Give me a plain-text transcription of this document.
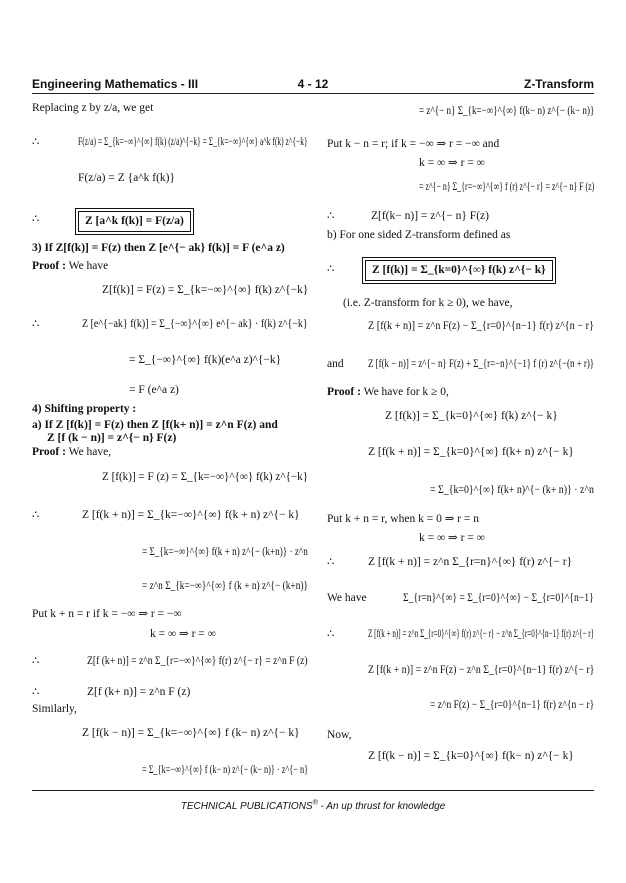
Engineering Mathematics - III	4 - 12	Z-Transform
Replacing z by z/a, we get
∴	F(z/a) = Σ_{k=−∞}^{∞} f(k) (z/a)^{−k} = Σ_{k=−∞}^{∞} a^k f(k) z^{−k}
F(z/a) = Z {a^k f(k)}
∴	Z [a^k f(k)] = F(z/a)
3) If Z[f(k)] = F(z) then Z [e^{− ak} f(k)] = F (e^a z)
Proof : We have
Z[f(k)] = F(z) = Σ_{k=−∞}^{∞} f(k) z^{−k}
∴	Z [e^{−ak} f(k)] = Σ_{−∞}^{∞} e^{− ak} · f(k) z^{−k}
= Σ_{−∞}^{∞} f(k)(e^a z)^{−k}
= F (e^a z)
4) Shifting property :
a) If Z [f(k)] = F(z) then Z [f(k+ n)] = z^n F(z) and
Z [f (k − n)] = z^{− n} F(z)
Proof : We have,
Z [f(k)] = F (z) = Σ_{k=−∞}^{∞} f(k) z^{−k}
∴	Z [f(k + n)] = Σ_{k=−∞}^{∞} f(k + n) z^{− k}
= Σ_{k=−∞}^{∞} f(k + n) z^{− (k+n)} · z^n
= z^n Σ_{k=−∞}^{∞} f (k + n) z^{− (k+n)}
Put k + n = r if k = −∞ ⇒ r = −∞
k = ∞ ⇒ r = ∞
∴	Z[f (k+ n)] = z^n Σ_{r=−∞}^{∞} f(r) z^{− r} = z^n F (z)
∴	Z[f (k+ n)] = z^n F (z)
Similarly,
Z [f(k − n)] = Σ_{k=−∞}^{∞} f (k− n) z^{− k}
= Σ_{k=−∞}^{∞} f (k− n) z^{− (k− n)} · z^{− n}
= z^{− n} Σ_{k=−∞}^{∞} f(k− n) z^{− (k− n)}
Put k − n = r; if k = −∞ ⇒ r = −∞ and
k = ∞ ⇒ r = ∞
= z^{− n} Σ_{r=−∞}^{∞} f (r) z^{− r} = z^{− n} F (z)
∴	Z[f(k− n)] = z^{− n} F(z)
b) For one sided Z-transform defined as
∴	Z [f(k)] = Σ_{k=0}^{∞} f(k) z^{− k}
(i.e. Z-transform for k ≥ 0), we have,
Z [f(k + n)] = z^n F(z) − Σ_{r=0}^{n−1} f(r) z^{n − r}
and Z [f(k − n)] = z^{− n} F(z) + Σ_{r=−n}^{−1} f (r) z^{−(n + r)}
Proof : We have for k ≥ 0,
Z [f(k)] = Σ_{k=0}^{∞} f(k) z^{− k}
Z [f(k + n)] = Σ_{k=0}^{∞} f(k+ n) z^{− k}
= Σ_{k=0}^{∞} f(k+ n)^{− (k+ n)} · z^n
Put k + n = r, when k = 0 ⇒ r = n
k = ∞ ⇒ r = ∞
∴	Z [f(k + n)] = z^n Σ_{r=n}^{∞} f(r) z^{− r}
We have	Σ_{r=n}^{∞} = Σ_{r=0}^{∞} − Σ_{r=0}^{n−1}
∴	Z [f(k + n)] = z^n Σ_{r=0}^{∞} f(r) z^{− r} − z^n Σ_{r=0}^{n−1} f(r) z^{− r}
Z [f(k + n)] = z^n F(z) − z^n Σ_{r=0}^{n−1} f(r) z^{− r}
= z^n F(z) − Σ_{r=0}^{n−1} f(r) z^{n − r}
Now,
Z [f(k − n)] = Σ_{k=0}^{∞} f(k− n) z^{− k}
TECHNICAL PUBLICATIONS® - An up thrust for knowledge
